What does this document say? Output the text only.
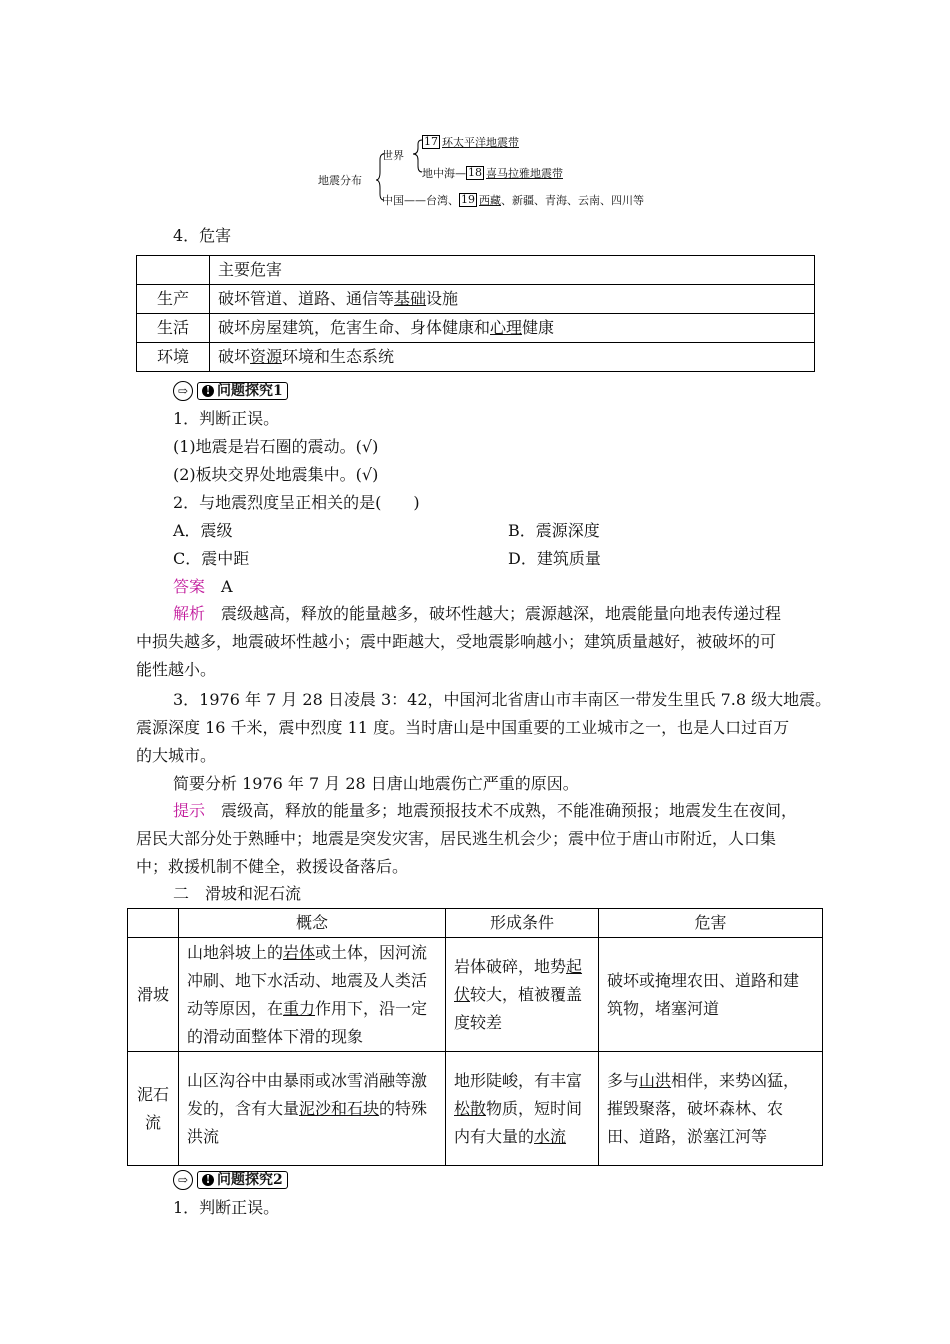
地震分布
世界
17 环太平洋地震带
地中海— 18 喜马拉雅地震带
中国——台湾、 19 西藏、新疆、青海、云南、四川等
4．危害
	主要危害
生产	破坏管道、道路、通信等基础设施
生活	破坏房屋建筑，危害生命、身体健康和心理健康
环境	破坏资源环境和生态系统
⇨	! 问题探究1
1．判断正误。
(1)地震是岩石圈的震动。(√)
(2)板块交界处地震集中。(√)
2．与地震烈度呈正相关的是(　　)
A．震级	B．震源深度
C．震中距	D．建筑质量
答案　 A
解析　 震级越高，释放的能量越多，破坏性越大；震源越深，地震能量向地表传递过程
中损失越多，地震破坏性越小；震中距越大，受地震影响越小；建筑质量越好，被破坏的可
能性越小。
3．1976 年 7 月 28 日凌晨 3：42，中国河北省唐山市丰南区一带发生里氏 7.8 级大地震。
震源深度 16 千米，震中烈度 11 度。当时唐山是中国重要的工业城市之一，也是人口过百万
的大城市。
简要分析 1976 年 7 月 28 日唐山地震伤亡严重的原因。
提示　 震级高，释放的能量多；地震预报技术不成熟，不能准确预报；地震发生在夜间，
居民大部分处于熟睡中；地震是突发灾害，居民逃生机会少；震中位于唐山市附近，人口集
中；救援机制不健全，救援设备落后。
二　滑坡和泥石流
	概念	形成条件	危害
滑坡	山地斜坡上的岩体或土体，因河流冲刷、地下水活动、地震及人类活动等原因，在重力作用下，沿一定的滑动面整体下滑的现象	岩体破碎，地势起伏较大，植被覆盖度较差	破坏或掩埋农田、道路和建筑物，堵塞河道
泥石流	山区沟谷中由暴雨或冰雪消融等激发的，含有大量泥沙和石块的特殊洪流	地形陡峻，有丰富松散物质，短时间内有大量的水流	多与山洪相伴，来势凶猛，摧毁聚落，破坏森林、农田、道路，淤塞江河等
⇨	! 问题探究2
1．判断正误。
